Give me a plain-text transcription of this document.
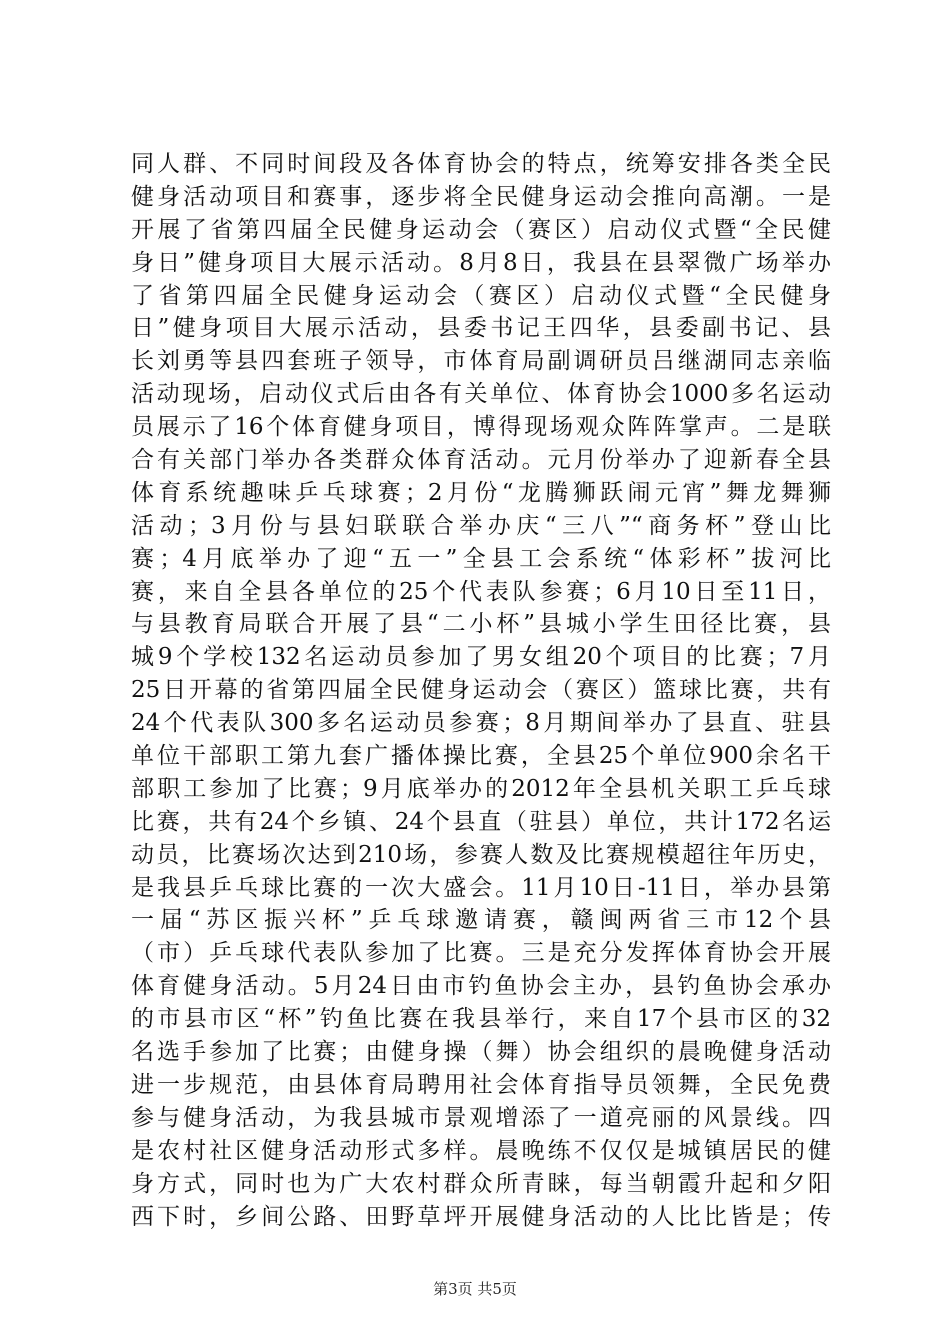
同人群、不同时间段及各体育协会的特点，统筹安排各类全民
健身活动项目和赛事，逐步将全民健身运动会推向高潮。一是
开展了省第四届全民健身运动会（赛区）启动仪式暨“全民健
身日”健身项目大展示活动。8月8日，我县在县翠微广场举办
了省第四届全民健身运动会（赛区）启动仪式暨“全民健身
日”健身项目大展示活动，县委书记王四华，县委副书记、县
长刘勇等县四套班子领导，市体育局副调研员吕继湖同志亲临
活动现场，启动仪式后由各有关单位、体育协会1000多名运动
员展示了16个体育健身项目，博得现场观众阵阵掌声。二是联
合有关部门举办各类群众体育活动。元月份举办了迎新春全县
体育系统趣味乒乓球赛；2月份“龙腾狮跃闹元宵”舞龙舞狮
活动；3月份与县妇联联合举办庆“三八”“商务杯”登山比
赛；4月底举办了迎“五一”全县工会系统“体彩杯”拔河比
赛，来自全县各单位的25个代表队参赛；6月10日至11日，
与县教育局联合开展了县“二小杯”县城小学生田径比赛，县
城9个学校132名运动员参加了男女组20个项目的比赛；7月
25日开幕的省第四届全民健身运动会（赛区）篮球比赛，共有
24个代表队300多名运动员参赛；8月期间举办了县直、驻县
单位干部职工第九套广播体操比赛，全县25个单位900余名干
部职工参加了比赛；9月底举办的2012年全县机关职工乒乓球
比赛，共有24个乡镇、24个县直（驻县）单位，共计172名运
动员，比赛场次达到210场，参赛人数及比赛规模超往年历史，
是我县乒乓球比赛的一次大盛会。11月10日-11日，举办县第
一届“苏区振兴杯”乒乓球邀请赛，赣闽两省三市12个县
（市）乒乓球代表队参加了比赛。三是充分发挥体育协会开展
体育健身活动。5月24日由市钓鱼协会主办，县钓鱼协会承办
的市县市区“杯”钓鱼比赛在我县举行，来自17个县市区的32
名选手参加了比赛；由健身操（舞）协会组织的晨晚健身活动
进一步规范，由县体育局聘用社会体育指导员领舞，全民免费
参与健身活动，为我县城市景观增添了一道亮丽的风景线。四
是农村社区健身活动形式多样。晨晚练不仅仅是城镇居民的健
身方式，同时也为广大农村群众所青睐，每当朝霞升起和夕阳
西下时，乡间公路、田野草坪开展健身活动的人比比皆是；传
第3页 共5页
